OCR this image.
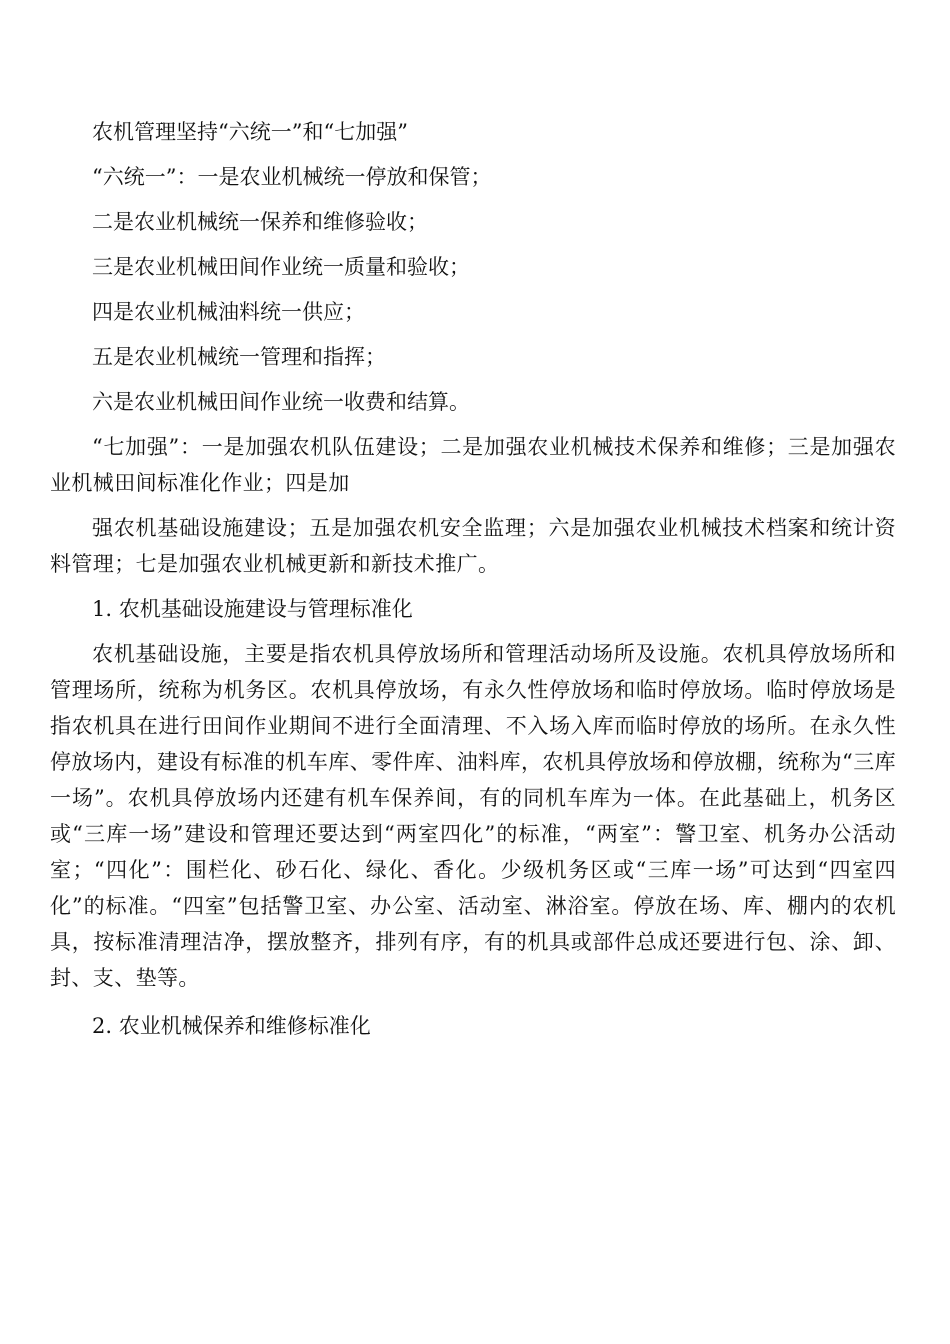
农机管理坚持“六统一”和“七加强”

“六统一”：一是农业机械统一停放和保管；

二是农业机械统一保养和维修验收；

三是农业机械田间作业统一质量和验收；

四是农业机械油料统一供应；

五是农业机械统一管理和指挥；

六是农业机械田间作业统一收费和结算。

“七加强”：一是加强农机队伍建设；二是加强农业机械技术保养和维修；三是加强农业机械田间标准化作业；四是加

强农机基础设施建设；五是加强农机安全监理；六是加强农业机械技术档案和统计资料管理；七是加强农业机械更新和新技术推广。

1. 农机基础设施建设与管理标准化

农机基础设施，主要是指农机具停放场所和管理活动场所及设施。农机具停放场所和管理场所，统称为机务区。农机具停放场，有永久性停放场和临时停放场。临时停放场是指农机具在进行田间作业期间不进行全面清理、不入场入库而临时停放的场所。在永久性停放场内，建设有标准的机车库、零件库、油料库，农机具停放场和停放棚，统称为“三库一场”。农机具停放场内还建有机车保养间，有的同机车库为一体。在此基础上，机务区或“三库一场”建设和管理还要达到“两室四化”的标准，“两室”：警卫室、机务办公活动室；“四化”：围栏化、砂石化、绿化、香化。少级机务区或“三库一场”可达到“四室四化”的标准。“四室”包括警卫室、办公室、活动室、淋浴室。停放在场、库、棚内的农机具，按标准清理洁净，摆放整齐，排列有序，有的机具或部件总成还要进行包、涂、卸、封、支、垫等。

2. 农业机械保养和维修标准化
